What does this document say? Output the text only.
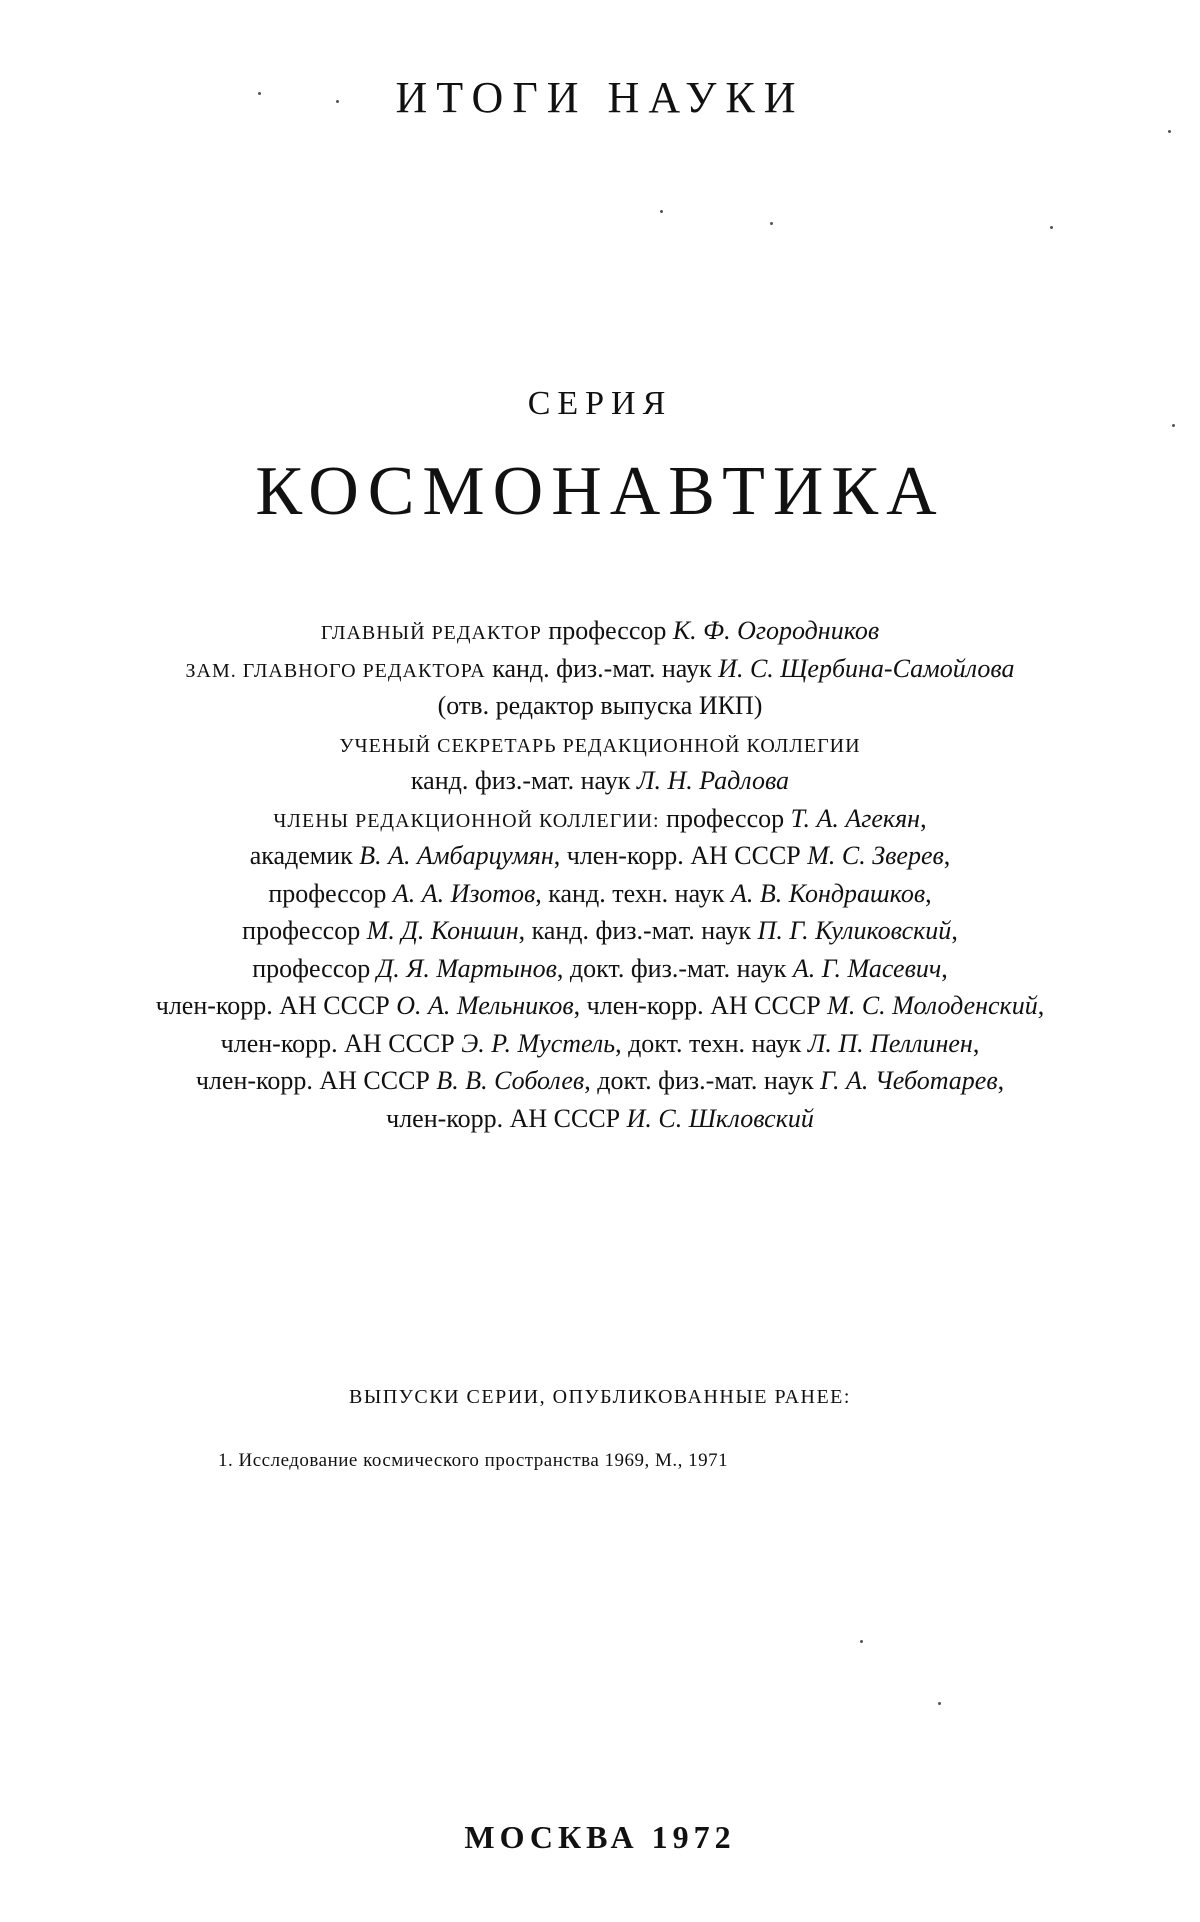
ИТОГИ НАУКИ
СЕРИЯ
КОСМОНАВТИКА
ГЛАВНЫЙ РЕДАКТОР профессор К. Ф. Огородников
ЗАМ. ГЛАВНОГО РЕДАКТОРА канд. физ.-мат. наук И. С. Щербина-Самойлова
(отв. редактор выпуска ИКП)
УЧЕНЫЙ СЕКРЕТАРЬ РЕДАКЦИОННОЙ КОЛЛЕГИИ
канд. физ.-мат. наук Л. Н. Радлова
ЧЛЕНЫ РЕДАКЦИОННОЙ КОЛЛЕГИИ: профессор Т. А. Агекян,
академик В. А. Амбарцумян, член-корр. АН СССР М. С. Зверев,
профессор А. А. Изотов, канд. техн. наук А. В. Кондрашков,
профессор М. Д. Коншин, канд. физ.-мат. наук П. Г. Куликовский,
профессор Д. Я. Мартынов, докт. физ.-мат. наук А. Г. Масевич,
член-корр. АН СССР О. А. Мельников, член-корр. АН СССР М. С. Молоденский,
член-корр. АН СССР Э. Р. Мустель, докт. техн. наук Л. П. Пеллинен,
член-корр. АН СССР В. В. Соболев, докт. физ.-мат. наук Г. А. Чеботарев,
член-корр. АН СССР И. С. Шкловский
ВЫПУСКИ СЕРИИ, ОПУБЛИКОВАННЫЕ РАНЕЕ:
1. Исследование космического пространства 1969, М., 1971
МОСКВА 1972
